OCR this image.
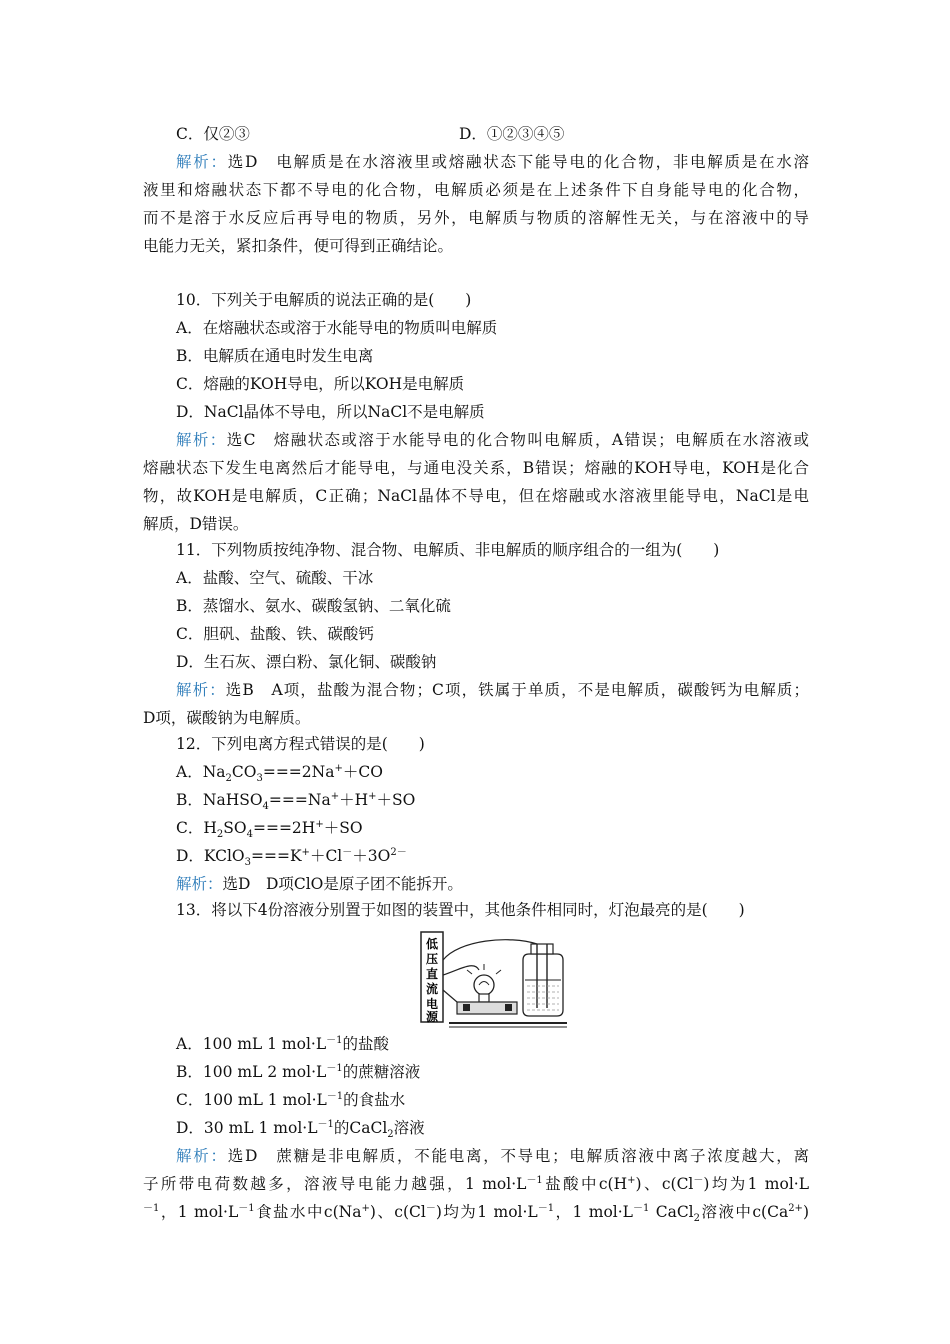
C．仅②③	D．①②③④⑤
解析：选D　电解质是在水溶液里或熔融状态下能导电的化合物，非电解质是在水溶
液里和熔融状态下都不导电的化合物，电解质必须是在上述条件下自身能导电的化合物，
而不是溶于水反应后再导电的物质，另外，电解质与物质的溶解性无关，与在溶液中的导
电能力无关，紧扣条件，便可得到正确结论。
10．下列关于电解质的说法正确的是(　　)
A．在熔融状态或溶于水能导电的物质叫电解质
B．电解质在通电时发生电离
C．熔融的KOH导电，所以KOH是电解质
D．NaCl晶体不导电，所以NaCl不是电解质
解析：选C　熔融状态或溶于水能导电的化合物叫电解质，A错误；电解质在水溶液或
熔融状态下发生电离然后才能导电，与通电没关系，B错误；熔融的KOH导电，KOH是化合
物，故KOH是电解质，C正确；NaCl晶体不导电，但在熔融或水溶液里能导电，NaCl是电
解质，D错误。
11．下列物质按纯净物、混合物、电解质、非电解质的顺序组合的一组为(　　)
A．盐酸、空气、硫酸、干冰
B．蒸馏水、氨水、碳酸氢钠、二氧化硫
C．胆矾、盐酸、铁、碳酸钙
D．生石灰、漂白粉、氯化铜、碳酸钠
解析：选B　A项，盐酸为混合物；C项，铁属于单质，不是电解质，碳酸钙为电解质；
D项，碳酸钠为电解质。
12．下列电离方程式错误的是(　　)
A．$Na_2CO_3===2Na^++CO$
B．NaHSO$_4$===Na+＋H+＋SO
C．$H_2SO_4===2H^++SO$
D．$KClO_3===K^++Cl^-+3O^{2-}$
解析：选D　D项ClO是原子团不能拆开。
13．将以下4份溶液分别置于如图的装置中，其他条件相同时，灯泡最亮的是(　　)
低
压
直
流
电
源
A．100 mL 1 $mol\cdot L^{-1}$的盐酸
B．100 mL 2 $mol\cdot L^{-1}$的蔗糖溶液
C．100 mL 1 $mol\cdot L^{-1}$的食盐水
D．30 mL 1 $mol\cdot L^{-1}$的CaCl$_2$溶液
解析：选D　蔗糖是非电解质，不能电离，不导电；电解质溶液中离子浓度越大，离
子所带电荷数越多，溶液导电能力越强，1 $mol\cdot L^{-1}$盐酸中c(H+)、c(Cl－)均为1 mol·L
$^{-1}$，1 $mol\cdot L^{-1}$食盐水中c(Na+)、c(Cl－)均为1 $mol\cdot L^{-1}$，1 $mol\cdot L^{-1}$ CaCl$_2$溶液中$c(Ca^{2+})$
